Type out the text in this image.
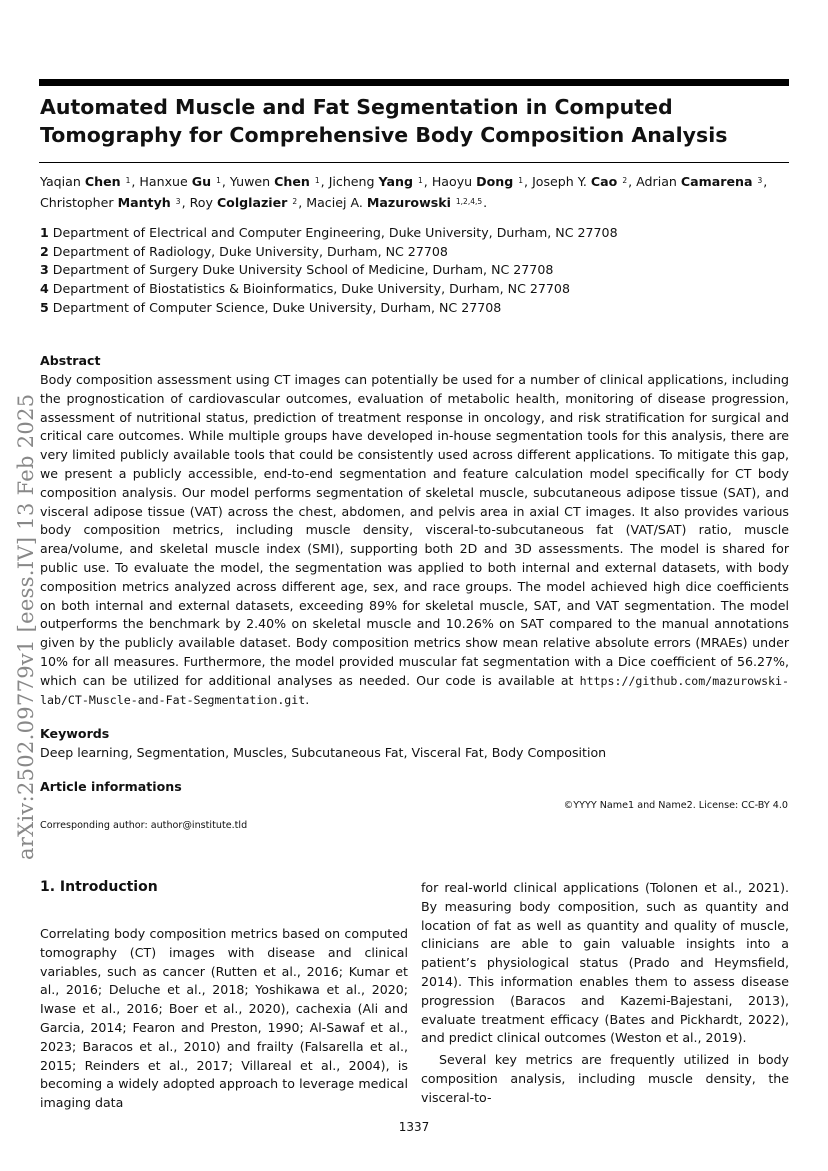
Automated Muscle and Fat Segmentation in Computed Tomography for Comprehensive Body Composition Analysis
Yaqian Chen $^1$, Hanxue Gu $^1$, Yuwen Chen $^1$, Jicheng Yang $^1$, Haoyu Dong $^1$, Joseph Y. Cao $^2$, Adrian Camarena $^3$,
Christopher Mantyh $^3$, Roy Colglazier $^2$, Maciej A. Mazurowski $^{1,2,4,5}$.
1 Department of Electrical and Computer Engineering, Duke University, Durham, NC 27708
2 Department of Radiology, Duke University, Durham, NC 27708
3 Department of Surgery Duke University School of Medicine, Durham, NC 27708
4 Department of Biostatistics & Bioinformatics, Duke University, Durham, NC 27708
5 Department of Computer Science, Duke University, Durham, NC 27708
arXiv:2502.09779v1 [eess.IV] 13 Feb 2025
Abstract
Body composition assessment using CT images can potentially be used for a number of clinical applications, including the prognostication of cardiovascular outcomes, evaluation of metabolic health, monitoring of disease progression, assessment of nutritional status, prediction of treatment response in oncology, and risk stratification for surgical and critical care outcomes. While multiple groups have developed in-house segmentation tools for this analysis, there are very limited publicly available tools that could be consistently used across different applications. To mitigate this gap, we present a publicly accessible, end-to-end segmentation and feature calculation model specifically for CT body composition analysis. Our model performs segmentation of skeletal muscle, subcutaneous adipose tissue (SAT), and visceral adipose tissue (VAT) across the chest, abdomen, and pelvis area in axial CT images. It also provides various body composition metrics, including muscle density, visceral-to-subcutaneous fat (VAT/SAT) ratio, muscle area/volume, and skeletal muscle index (SMI), supporting both 2D and 3D assessments. The model is shared for public use. To evaluate the model, the segmentation was applied to both internal and external datasets, with body composition metrics analyzed across different age, sex, and race groups. The model achieved high dice coefficients on both internal and external datasets, exceeding 89% for skeletal muscle, SAT, and VAT segmentation. The model outperforms the benchmark by 2.40% on skeletal muscle and 10.26% on SAT compared to the manual annotations given by the publicly available dataset. Body composition metrics show mean relative absolute errors (MRAEs) under 10% for all measures. Furthermore, the model provided muscular fat segmentation with a Dice coefficient of 56.27%, which can be utilized for additional analyses as needed. Our code is available at https://github.com/mazurowski-lab/CT-Muscle-and-Fat-Segmentation.git.
Keywords
Deep learning, Segmentation, Muscles, Subcutaneous Fat, Visceral Fat, Body Composition
Article informations
©YYYY Name1 and Name2. License: CC-BY 4.0
Corresponding author: author@institute.tld
1. Introduction

Correlating body composition metrics based on computed tomography (CT) images with disease and clinical variables, such as cancer (Rutten et al., 2016; Kumar et al., 2016; Deluche et al., 2018; Yoshikawa et al., 2020; Iwase et al., 2016; Boer et al., 2020), cachexia (Ali and Garcia, 2014; Fearon and Preston, 1990; Al-Sawaf et al., 2023; Baracos et al., 2010) and frailty (Falsarella et al., 2015; Reinders et al., 2017; Villareal et al., 2004), is becoming a widely adopted approach to leverage medical imaging data

for real-world clinical applications (Tolonen et al., 2021). By measuring body composition, such as quantity and location of fat as well as quantity and quality of muscle, clinicians are able to gain valuable insights into a patient’s physiological status (Prado and Heymsfield, 2014). This information enables them to assess disease progression (Baracos and Kazemi-Bajestani, 2013), evaluate treatment efficacy (Bates and Pickhardt, 2022), and predict clinical outcomes (Weston et al., 2019).

Several key metrics are frequently utilized in body composition analysis, including muscle density, the visceral-to-

1337
